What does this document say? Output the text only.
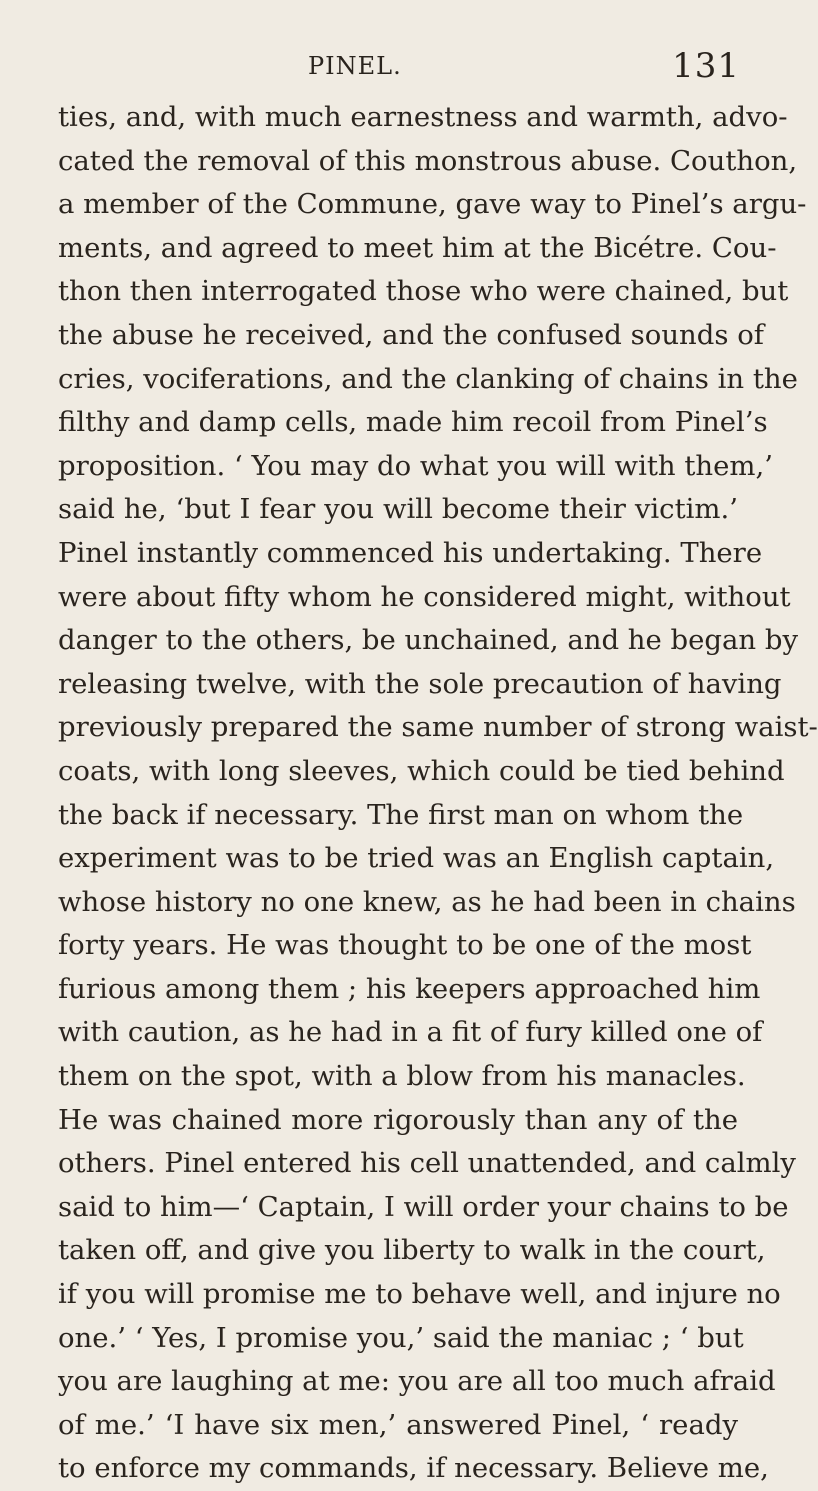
PINEL.	131
ties, and, with much earnestness and warmth, advo-
cated the removal of this monstrous abuse. Couthon,
a member of the Commune, gave way to Pinel’s argu-
ments, and agreed to meet him at the Bicétre. Cou-
thon then interrogated those who were chained, but
the abuse he received, and the confused sounds of
cries, vociferations, and the clanking of chains in the
filthy and damp cells, made him recoil from Pinel’s
proposition. ‘ You may do what you will with them,’
said he, ‘but I fear you will become their victim.’
Pinel instantly commenced his undertaking. There
were about fifty whom he considered might, without
danger to the others, be unchained, and he began by
releasing twelve, with the sole precaution of having
previously prepared the same number of strong waist-
coats, with long sleeves, which could be tied behind
the back if necessary. The first man on whom the
experiment was to be tried was an English captain,
whose history no one knew, as he had been in chains
forty years. He was thought to be one of the most
furious among them ; his keepers approached him
with caution, as he had in a fit of fury killed one of
them on the spot, with a blow from his manacles.
He was chained more rigorously than any of the
others. Pinel entered his cell unattended, and calmly
said to him—‘ Captain, I will order your chains to be
taken off, and give you liberty to walk in the court,
if you will promise me to behave well, and injure no
one.’ ‘ Yes, I promise you,’ said the maniac ; ‘ but
you are laughing at me: you are all too much afraid
of me.’ ‘I have six men,’ answered Pinel, ‘ ready
to enforce my commands, if necessary. Believe me,
